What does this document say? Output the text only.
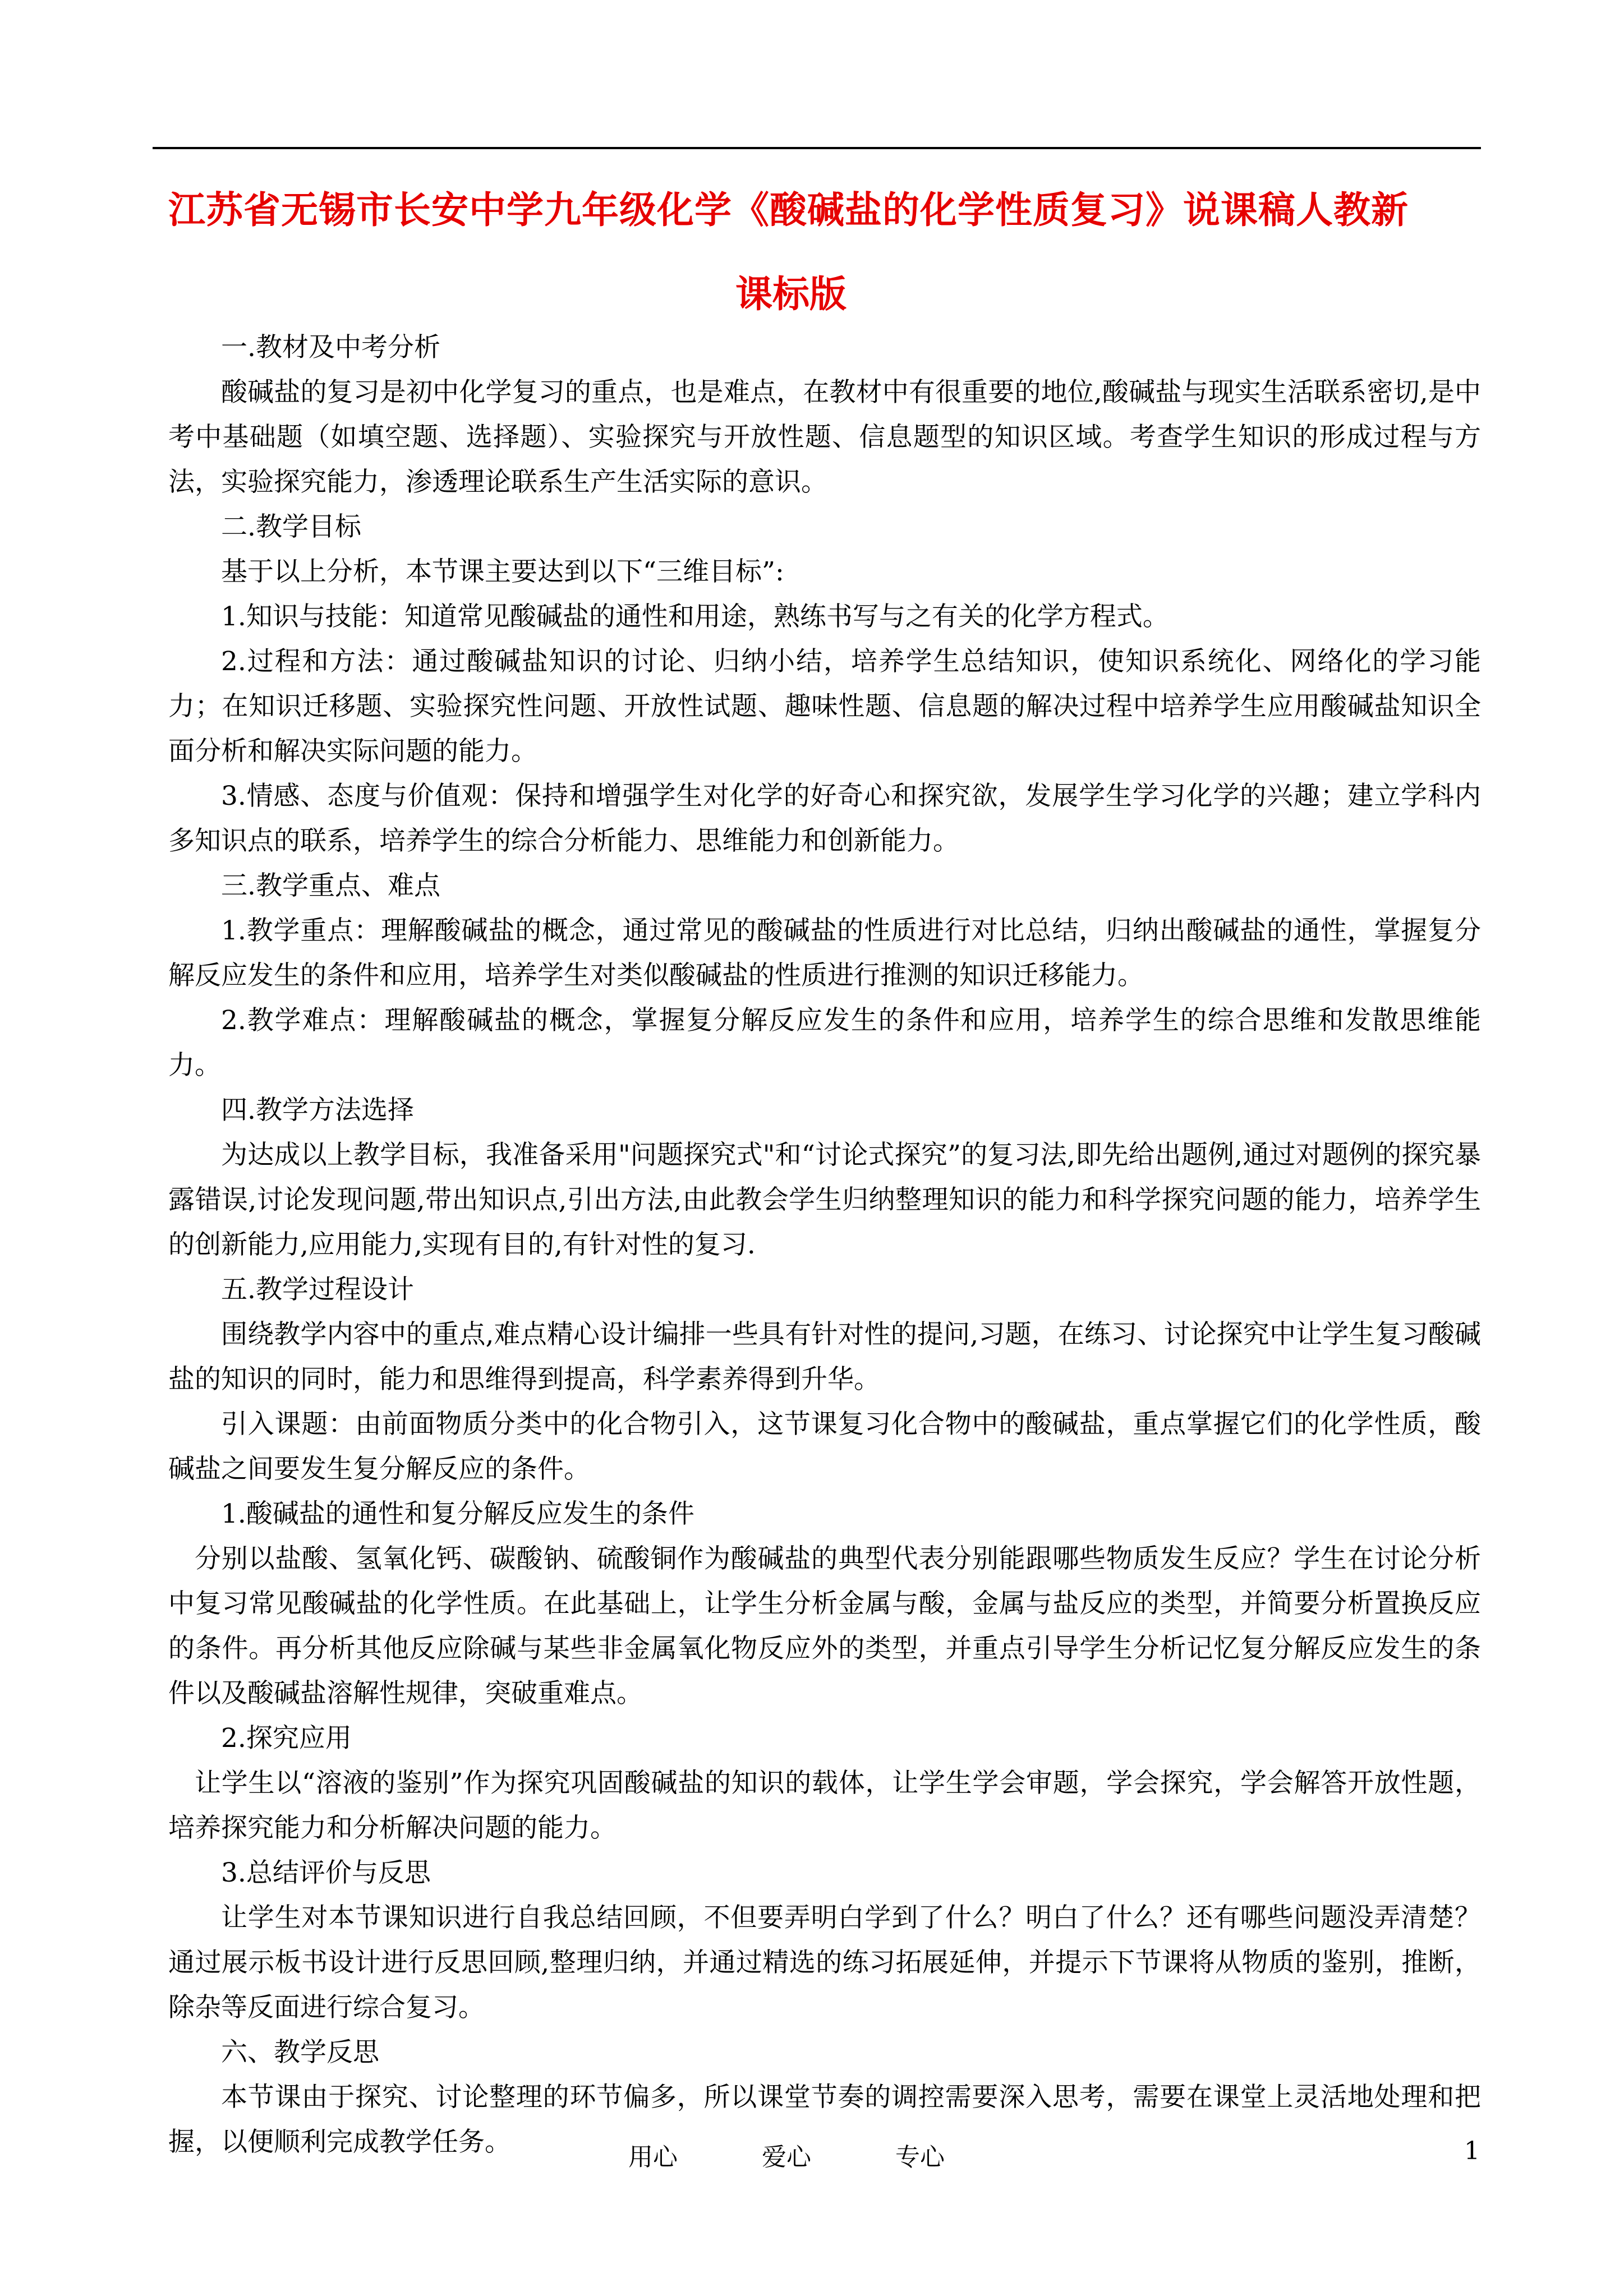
江苏省无锡市长安中学九年级化学《酸碱盐的化学性质复习》说课稿人教新
课标版

一.教材及中考分析

酸碱盐的复习是初中化学复习的重点，也是难点，在教材中有很重要的地位,酸碱盐与现实生活联系密切,是中考中基础题（如填空题、选择题）、实验探究与开放性题、信息题型的知识区域。考查学生知识的形成过程与方法，实验探究能力，渗透理论联系生产生活实际的意识。

二.教学目标

基于以上分析，本节课主要达到以下“三维目标”:

1.知识与技能：知道常见酸碱盐的通性和用途，熟练书写与之有关的化学方程式。

2.过程和方法：通过酸碱盐知识的讨论、归纳小结，培养学生总结知识，使知识系统化、网络化的学习能力；在知识迁移题、实验探究性问题、开放性试题、趣味性题、信息题的解决过程中培养学生应用酸碱盐知识全面分析和解决实际问题的能力。

3.情感、态度与价值观：保持和增强学生对化学的好奇心和探究欲，发展学生学习化学的兴趣；建立学科内多知识点的联系，培养学生的综合分析能力、思维能力和创新能力。

三.教学重点、难点

1.教学重点：理解酸碱盐的概念，通过常见的酸碱盐的性质进行对比总结，归纳出酸碱盐的通性，掌握复分解反应发生的条件和应用，培养学生对类似酸碱盐的性质进行推测的知识迁移能力。

2.教学难点：理解酸碱盐的概念，掌握复分解反应发生的条件和应用，培养学生的综合思维和发散思维能力。

四.教学方法选择

为达成以上教学目标，我准备采用"问题探究式"和“讨论式探究”的复习法,即先给出题例,通过对题例的探究暴露错误,讨论发现问题,带出知识点,引出方法,由此教会学生归纳整理知识的能力和科学探究问题的能力，培养学生的创新能力,应用能力,实现有目的,有针对性的复习.

五.教学过程设计

围绕教学内容中的重点,难点精心设计编排一些具有针对性的提问,习题，在练习、讨论探究中让学生复习酸碱盐的知识的同时，能力和思维得到提高，科学素养得到升华。

引入课题：由前面物质分类中的化合物引入，这节课复习化合物中的酸碱盐，重点掌握它们的化学性质，酸碱盐之间要发生复分解反应的条件。

1.酸碱盐的通性和复分解反应发生的条件

分别以盐酸、氢氧化钙、碳酸钠、硫酸铜作为酸碱盐的典型代表分别能跟哪些物质发生反应？学生在讨论分析中复习常见酸碱盐的化学性质。在此基础上，让学生分析金属与酸，金属与盐反应的类型，并简要分析置换反应的条件。再分析其他反应除碱与某些非金属氧化物反应外的类型，并重点引导学生分析记忆复分解反应发生的条件以及酸碱盐溶解性规律，突破重难点。

2.探究应用

让学生以“溶液的鉴别”作为探究巩固酸碱盐的知识的载体，让学生学会审题，学会探究，学会解答开放性题，培养探究能力和分析解决问题的能力。

3.总结评价与反思

让学生对本节课知识进行自我总结回顾，不但要弄明白学到了什么？明白了什么？还有哪些问题没弄清楚？通过展示板书设计进行反思回顾,整理归纳，并通过精选的练习拓展延伸，并提示下节课将从物质的鉴别，推断，除杂等反面进行综合复习。

六、教学反思

本节课由于探究、讨论整理的环节偏多，所以课堂节奏的调控需要深入思考，需要在课堂上灵活地处理和把握，以便顺利完成教学任务。	用心	爱心	专心	1
